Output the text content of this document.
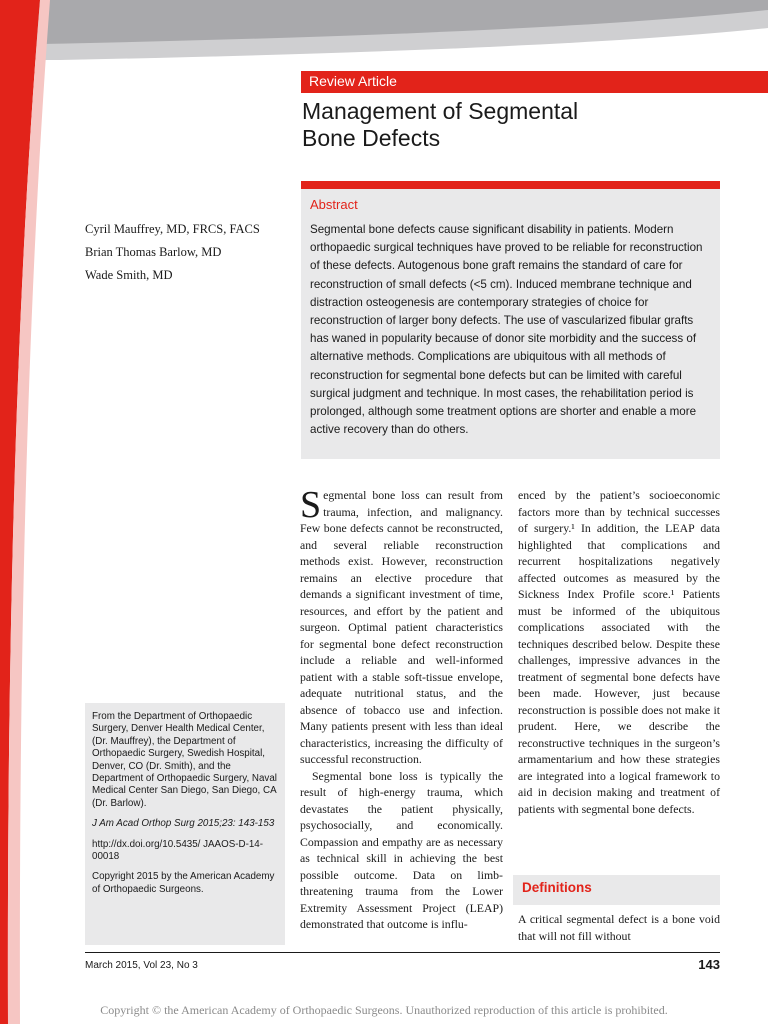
Review Article
Management of Segmental
Bone Defects

Cyril Mauffrey, MD, FRCS, FACS

Brian Thomas Barlow, MD

Wade Smith, MD

Abstract

Segmental bone defects cause significant disability in patients. Modern orthopaedic surgical techniques have proved to be reliable for reconstruction of these defects. Autogenous bone graft remains the standard of care for reconstruction of small defects (<5 cm). Induced membrane technique and distraction osteogenesis are contemporary strategies of choice for reconstruction of larger bony defects. The use of vascularized fibular grafts has waned in popularity because of donor site morbidity and the success of alternative methods. Complications are ubiquitous with all methods of reconstruction for segmental bone defects but can be limited with careful surgical judgment and technique. In most cases, the rehabilitation period is prolonged, although some treatment options are shorter and enable a more active recovery than do others.

From the Department of Orthopaedic Surgery, Denver Health Medical Center, (Dr. Mauffrey), the Department of Orthopaedic Surgery, Swedish Hospital, Denver, CO (Dr. Smith), and the Department of Orthopaedic Surgery, Naval Medical Center San Diego, San Diego, CA (Dr. Barlow).

J Am Acad Orthop Surg 2015;23: 143-153

http://dx.doi.org/10.5435/ JAAOS-D-14-00018

Copyright 2015 by the American Academy of Orthopaedic Surgeons.

Segmental bone loss can result from trauma, infection, and malignancy. Few bone defects cannot be reconstructed, and several reliable reconstruction methods exist. However, reconstruction remains an elective procedure that demands a significant investment of time, resources, and effort by the patient and surgeon. Optimal patient characteristics for segmental bone defect reconstruction include a reliable and well-informed patient with a stable soft-tissue envelope, adequate nutritional status, and the absence of tobacco use and infection. Many patients present with less than ideal characteristics, increasing the difficulty of successful reconstruction.

Segmental bone loss is typically the result of high-energy trauma, which devastates the patient physically, psychosocially, and economically. Compassion and empathy are as necessary as technical skill in achieving the best possible outcome. Data on limb-threatening trauma from the Lower Extremity Assessment Project (LEAP) demonstrated that outcome is influ-

enced by the patient’s socioeconomic factors more than by technical successes of surgery.¹ In addition, the LEAP data highlighted that complications and recurrent hospitalizations negatively affected outcomes as measured by the Sickness Index Profile score.¹ Patients must be informed of the ubiquitous complications associated with the techniques described below. Despite these challenges, impressive advances in the treatment of segmental bone defects have been made. However, just because reconstruction is possible does not make it prudent. Here, we describe the reconstructive techniques in the surgeon’s armamentarium and how these strategies are integrated into a logical framework to aid in decision making and treatment of patients with segmental bone defects.

Definitions

A critical segmental defect is a bone void that will not fill without

March 2015, Vol 23, No 3	143
Copyright © the American Academy of Orthopaedic Surgeons. Unauthorized reproduction of this article is prohibited.
